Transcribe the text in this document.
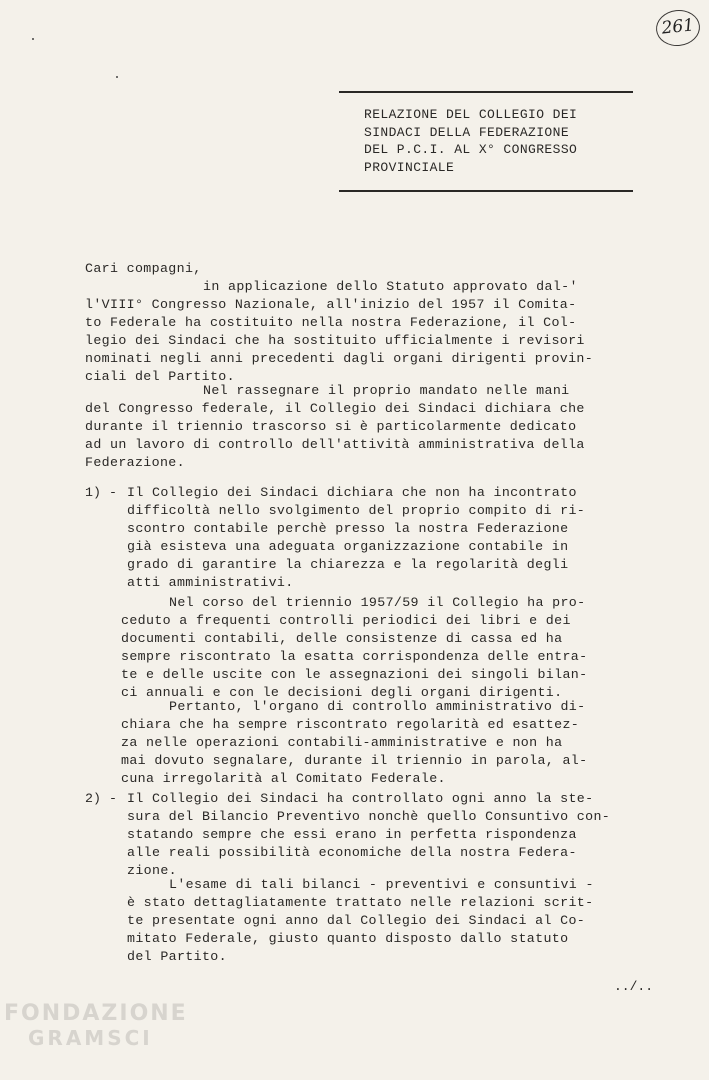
261
RELAZIONE DEL COLLEGIO DEI
SINDACI DELLA FEDERAZIONE
DEL P.C.I. AL X° CONGRESSO
PROVINCIALE
Cari compagni,
in applicazione dello Statuto approvato dal-'
l'VIII° Congresso Nazionale, all'inizio del 1957 il Comita-
to Federale ha costituito nella nostra Federazione, il Col-
legio dei Sindaci che ha sostituito ufficialmente i revisori
nominati negli anni precedenti dagli organi dirigenti provin-
ciali del Partito.
Nel rassegnare il proprio mandato nelle mani
del Congresso federale, il Collegio dei Sindaci dichiara che
durante il triennio trascorso si è particolarmente dedicato
ad un lavoro di controllo dell'attività amministrativa della
Federazione.
1) - Il Collegio dei Sindaci dichiara che non ha incontrato
difficoltà nello svolgimento del proprio compito di ri-
scontro contabile perchè presso la nostra Federazione
già esisteva una adeguata organizzazione contabile in
grado di garantire la chiarezza e la regolarità degli
atti amministrativi.
Nel corso del triennio 1957/59 il Collegio ha pro-
ceduto a frequenti controlli periodici dei libri e dei
documenti contabili, delle consistenze di cassa ed ha
sempre riscontrato la esatta corrispondenza delle entra-
te e delle uscite con le assegnazioni dei singoli bilan-
ci annuali e con le decisioni degli organi dirigenti.
Pertanto, l'organo di controllo amministrativo di-
chiara che ha sempre riscontrato regolarità ed esattez-
za nelle operazioni contabili-amministrative e non ha
mai dovuto segnalare, durante il triennio in parola, al-
cuna irregolarità al Comitato Federale.
2) - Il Collegio dei Sindaci ha controllato ogni anno la ste-
sura del Bilancio Preventivo nonchè quello Consuntivo con-
statando sempre che essi erano in perfetta rispondenza
alle reali possibilità economiche della nostra Federa-
zione.
L'esame di tali bilanci - preventivi e consuntivi -
è stato dettagliatamente trattato nelle relazioni scrit-
te presentate ogni anno dal Collegio dei Sindaci al Co-
mitato Federale, giusto quanto disposto dallo statuto
del Partito.
../..
FONDAZIONE
GRAMSCI
